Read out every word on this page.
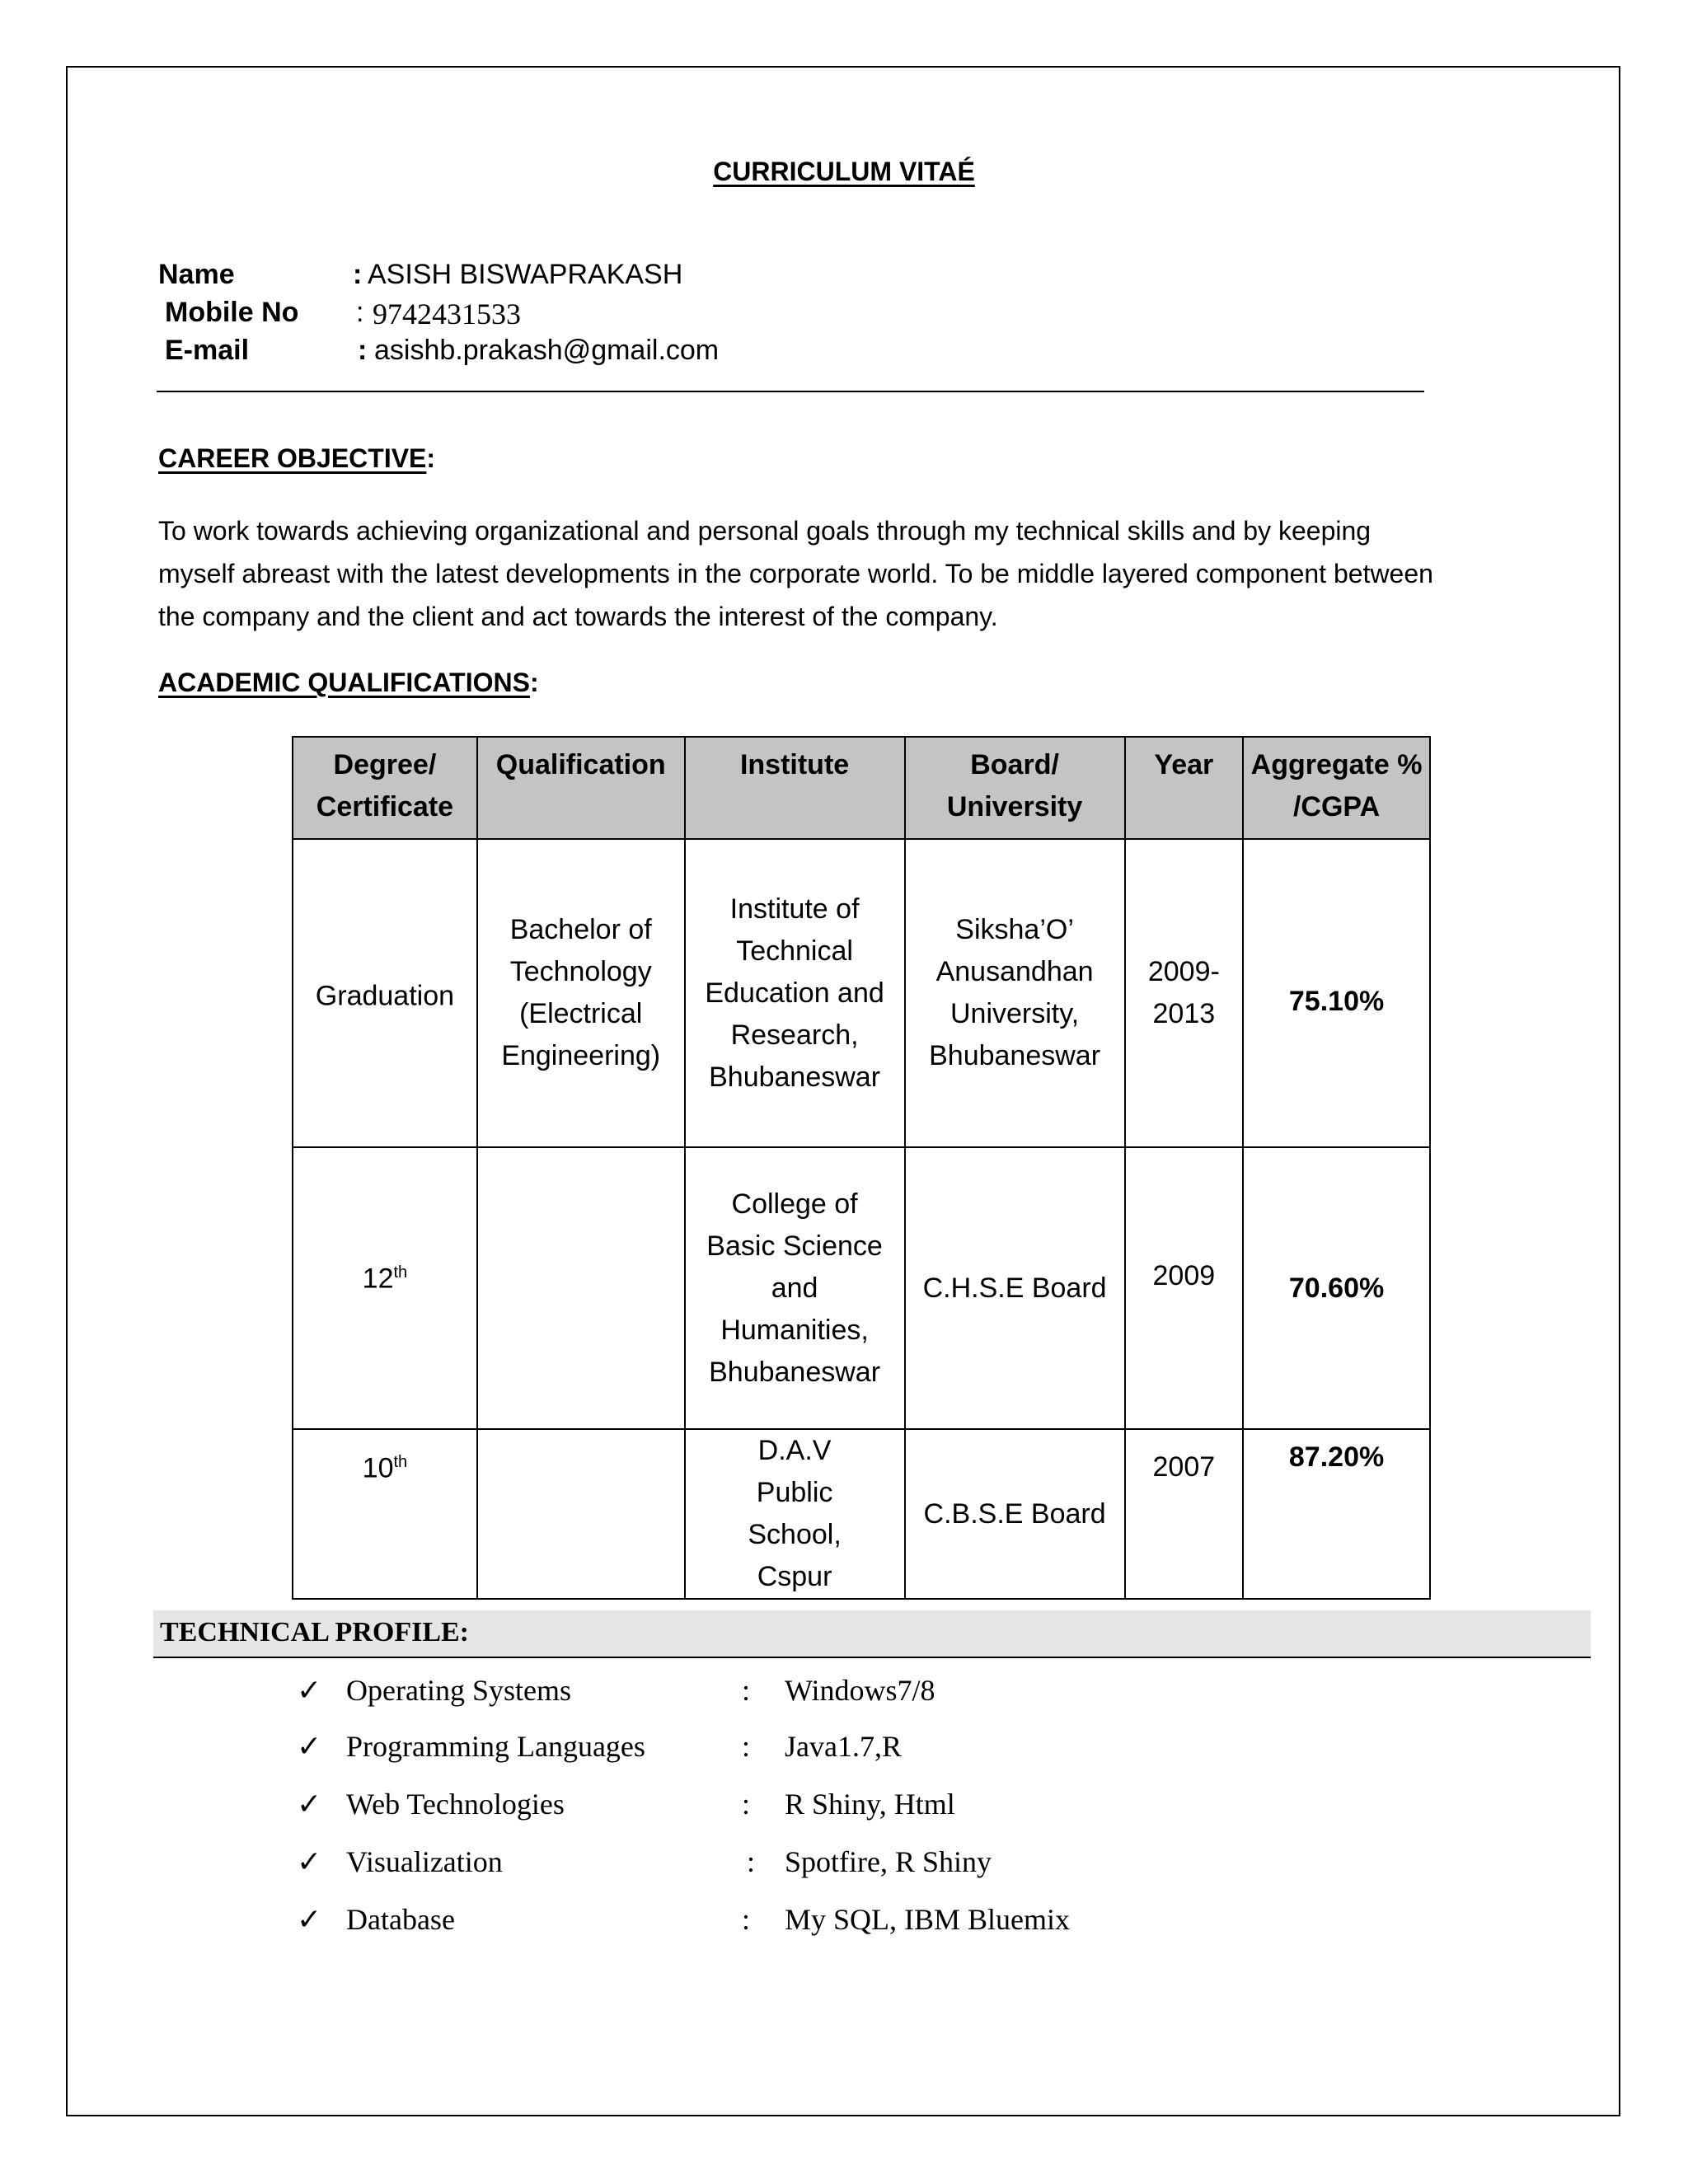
CURRICULUM VITAÉ
Name	: ASISH BISWAPRAKASH
Mobile No : 9742431533
E-mail	: asishb.prakash@gmail.com
CAREER OBJECTIVE:
To work towards achieving organizational and personal goals through my technical skills and by keeping myself abreast with the latest developments in the corporate world. To be middle layered component between the company and the client and act towards the interest of the company.
ACADEMIC QUALIFICATIONS:
Degree/ Certificate	Qualification	Institute	Board/ University	Year	Aggregate % /CGPA
Graduation	Bachelor of Technology (Electrical Engineering)	Institute of Technical Education and Research, Bhubaneswar	Siksha’O’ Anusandhan University, Bhubaneswar	2009-2013	75.10%
12th		College of Basic Science and Humanities, Bhubaneswar	C.H.S.E Board	2009	70.60%
10th		D.A.V Public School, Cspur	C.B.S.E Board	2007	87.20%
TECHNICAL PROFILE:
✓ Operating Systems	: Windows7/8
✓ Programming Languages	: Java1.7,R
✓ Web Technologies	: R Shiny, Html
✓ Visualization	: Spotfire, R Shiny
✓ Database	: My SQL, IBM Bluemix
